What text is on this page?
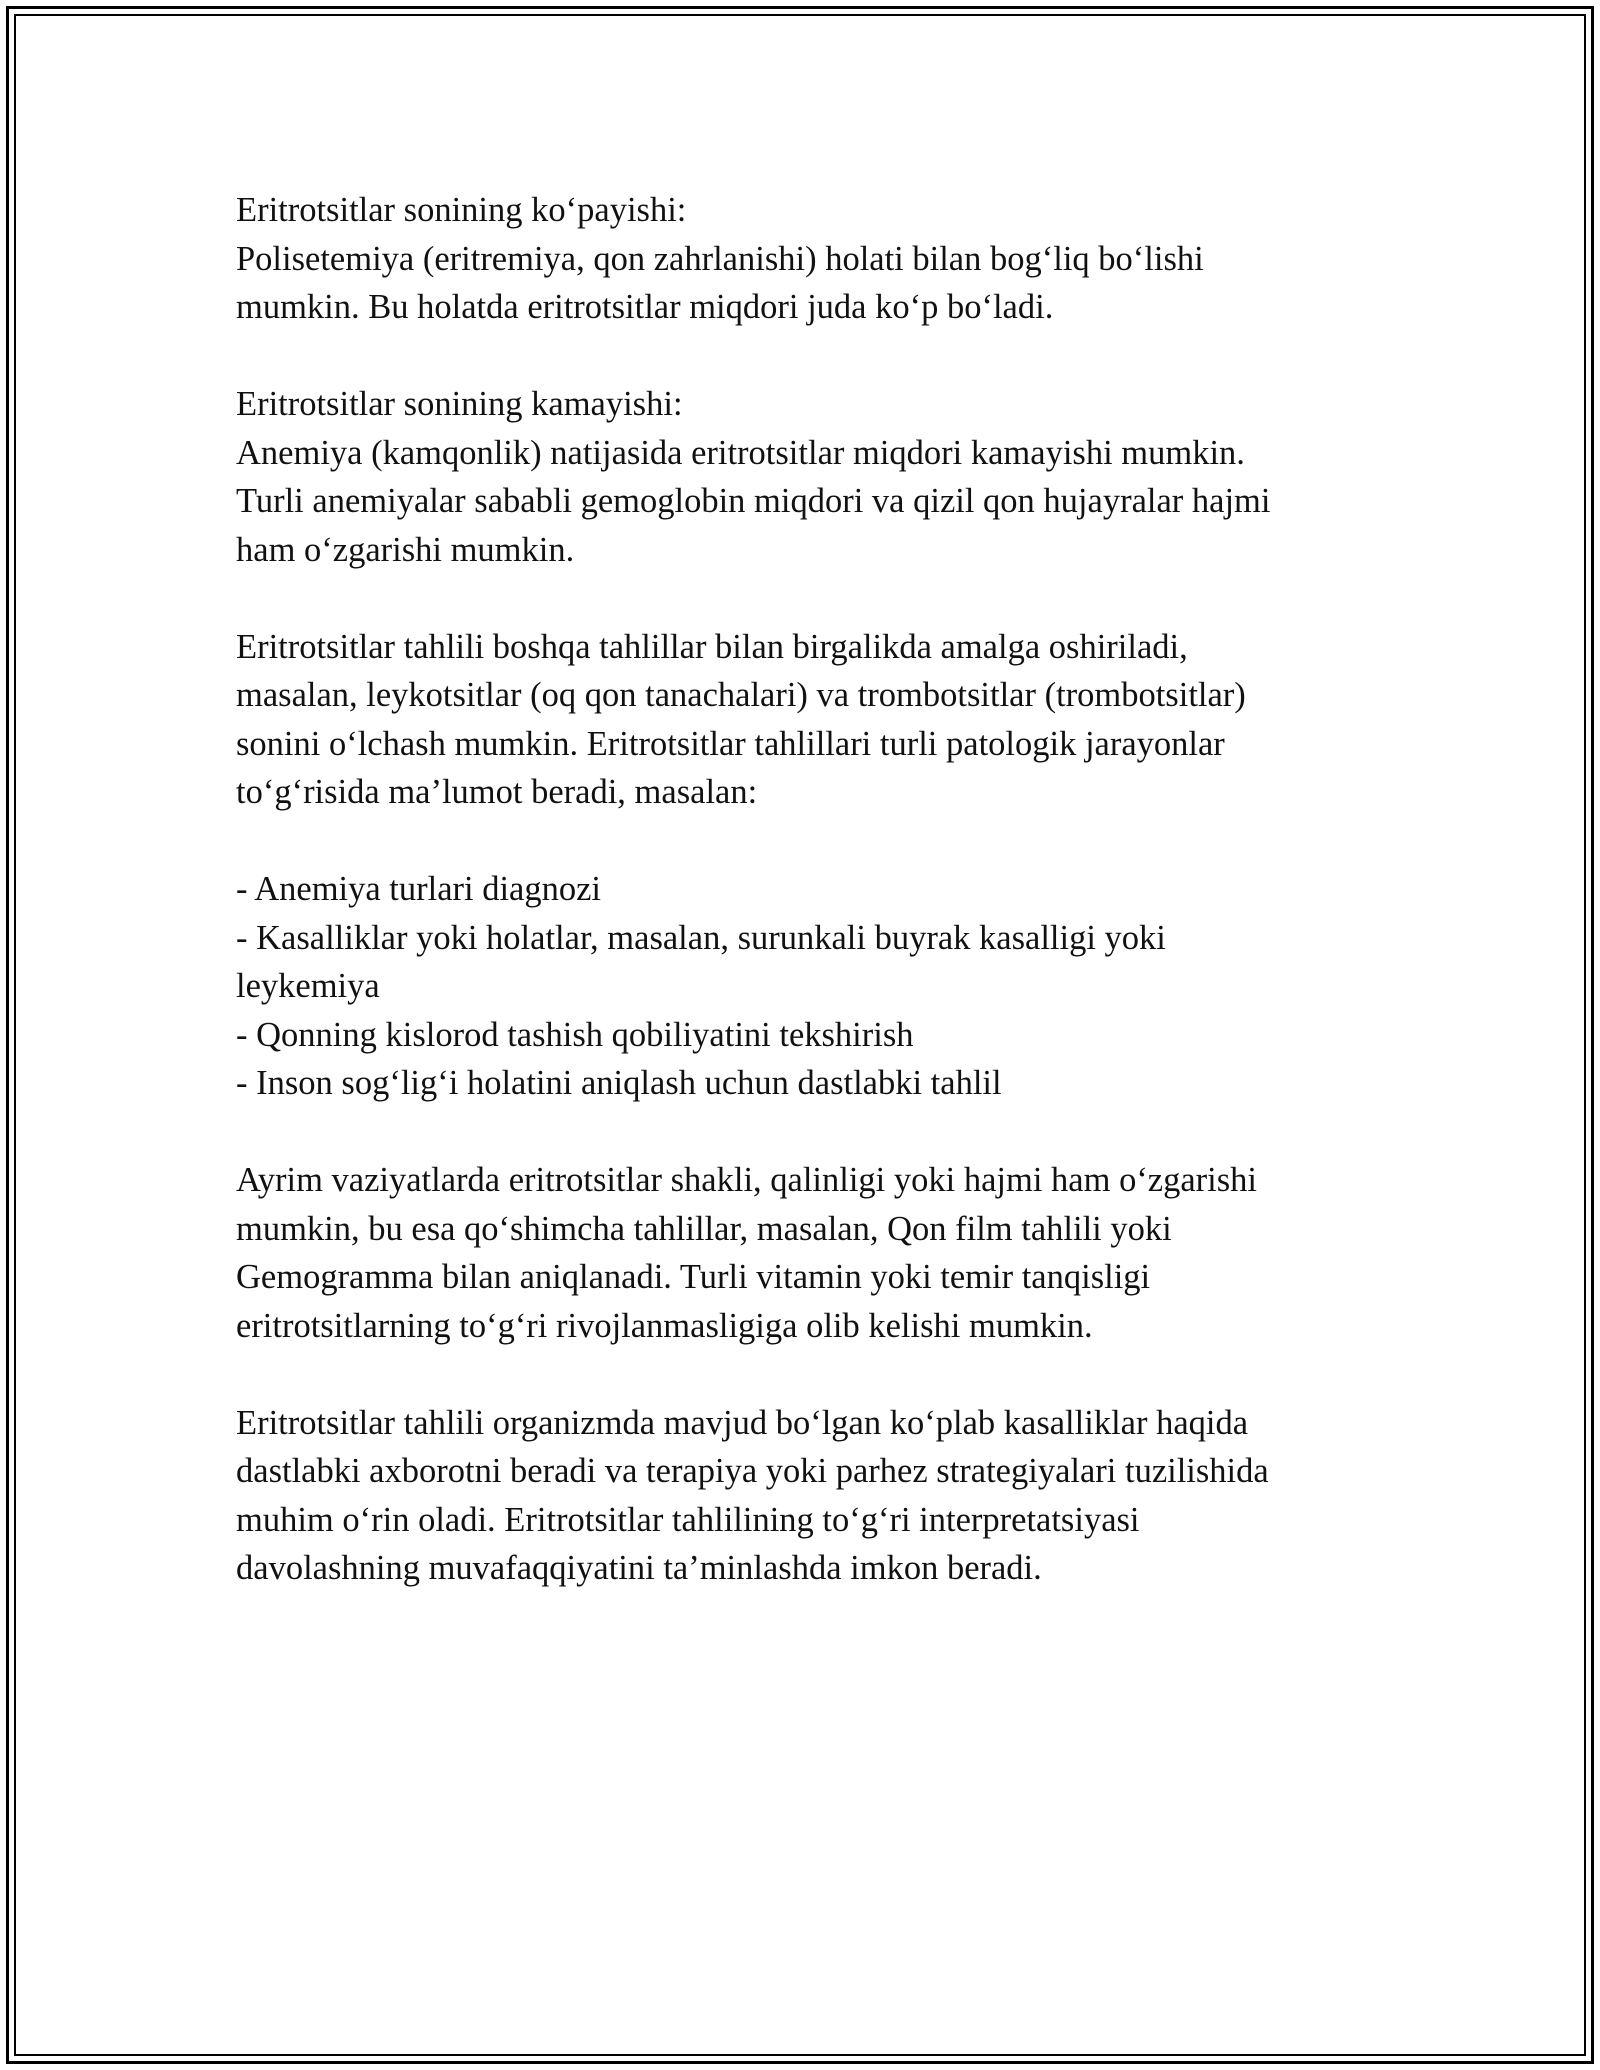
Eritrotsitlar sonining ko‘payishi:
Polisetemiya (eritremiya, qon zahrlanishi) holati bilan bog‘liq bo‘lishi
mumkin. Bu holatda eritrotsitlar miqdori juda ko‘p bo‘ladi.

Eritrotsitlar sonining kamayishi:
Anemiya (kamqonlik) natijasida eritrotsitlar miqdori kamayishi mumkin.
Turli anemiyalar sababli gemoglobin miqdori va qizil qon hujayralar hajmi
ham o‘zgarishi mumkin.

Eritrotsitlar tahlili boshqa tahlillar bilan birgalikda amalga oshiriladi,
masalan, leykotsitlar (oq qon tanachalari) va trombotsitlar (trombotsitlar)
sonini o‘lchash mumkin. Eritrotsitlar tahlillari turli patologik jarayonlar
to‘g‘risida ma’lumot beradi, masalan:

- Anemiya turlari diagnozi
- Kasalliklar yoki holatlar, masalan, surunkali buyrak kasalligi yoki
leykemiya
- Qonning kislorod tashish qobiliyatini tekshirish
- Inson sog‘lig‘i holatini aniqlash uchun dastlabki tahlil

Ayrim vaziyatlarda eritrotsitlar shakli, qalinligi yoki hajmi ham o‘zgarishi
mumkin, bu esa qo‘shimcha tahlillar, masalan, Qon film tahlili yoki
Gemogramma bilan aniqlanadi. Turli vitamin yoki temir tanqisligi
eritrotsitlarning to‘g‘ri rivojlanmasligiga olib kelishi mumkin.

Eritrotsitlar tahlili organizmda mavjud bo‘lgan ko‘plab kasalliklar haqida
dastlabki axborotni beradi va terapiya yoki parhez strategiyalari tuzilishida
muhim o‘rin oladi. Eritrotsitlar tahlilining to‘g‘ri interpretatsiyasi
davolashning muvafaqqiyatini ta’minlashda imkon beradi.
